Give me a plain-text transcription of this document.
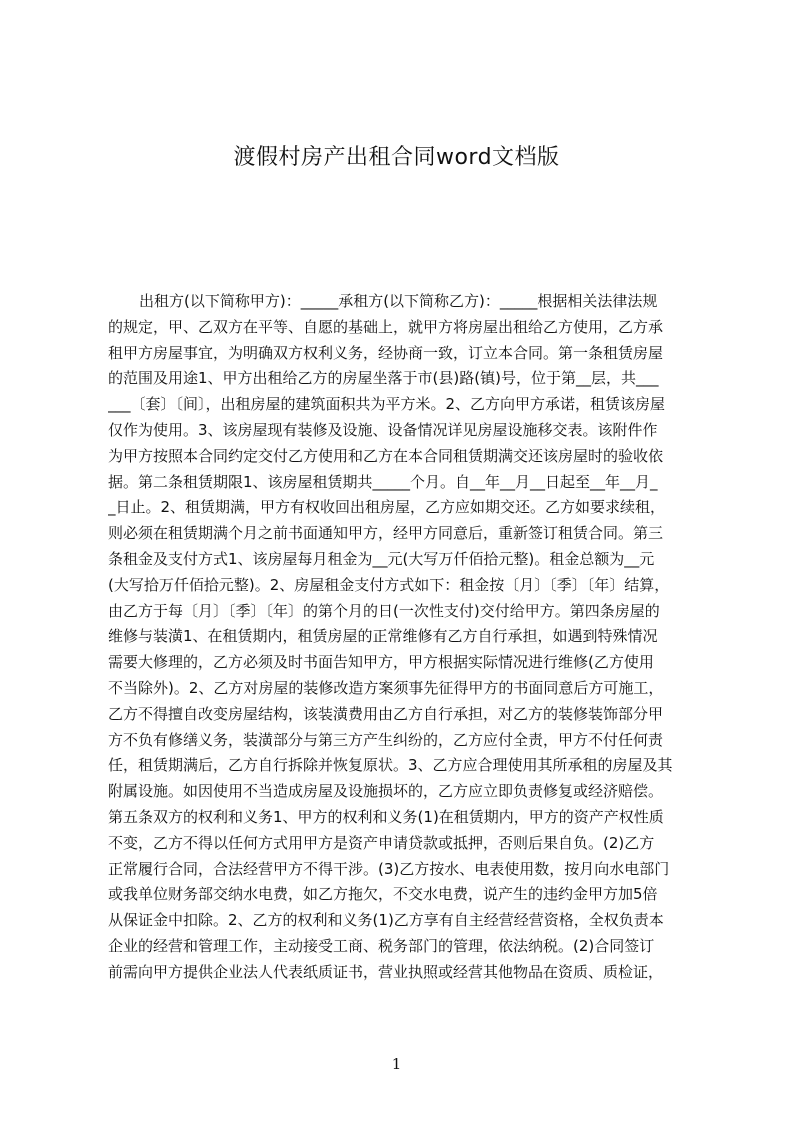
渡假村房产出租合同word文档版
出租方(以下简称甲方)：_____承租方(以下简称乙方)：_____根据相关法律法规
的规定，甲、乙双方在平等、自愿的基础上，就甲方将房屋出租给乙方使用，乙方承
租甲方房屋事宜，为明确双方权利义务，经协商一致，订立本合同。第一条租赁房屋
的范围及用途1、甲方出租给乙方的房屋坐落于市(县)路(镇)号，位于第__层，共___
___〔套〕〔间〕，出租房屋的建筑面积共为平方米。2、乙方向甲方承诺，租赁该房屋
仅作为使用。3、该房屋现有装修及设施、设备情况详见房屋设施移交表。该附件作
为甲方按照本合同约定交付乙方使用和乙方在本合同租赁期满交还该房屋时的验收依
据。第二条租赁期限1、该房屋租赁期共_____个月。自__年__月__日起至__年__月_
_日止。2、租赁期满，甲方有权收回出租房屋，乙方应如期交还。乙方如要求续租，
则必须在租赁期满个月之前书面通知甲方，经甲方同意后，重新签订租赁合同。第三
条租金及支付方式1、该房屋每月租金为__元(大写万仟佰拾元整)。租金总额为__元
(大写拾万仟佰拾元整)。2、房屋租金支付方式如下：租金按〔月〕〔季〕〔年〕结算，
由乙方于每〔月〕〔季〕〔年〕的第个月的日(一次性支付)交付给甲方。第四条房屋的
维修与装潢1、在租赁期内，租赁房屋的正常维修有乙方自行承担，如遇到特殊情况
需要大修理的，乙方必须及时书面告知甲方，甲方根据实际情况进行维修(乙方使用
不当除外)。2、乙方对房屋的装修改造方案须事先征得甲方的书面同意后方可施工，
乙方不得擅自改变房屋结构，该装潢费用由乙方自行承担，对乙方的装修装饰部分甲
方不负有修缮义务，装潢部分与第三方产生纠纷的，乙方应付全责，甲方不付任何责
任，租赁期满后，乙方自行拆除并恢复原状。3、乙方应合理使用其所承租的房屋及其
附属设施。如因使用不当造成房屋及设施损坏的，乙方应立即负责修复或经济赔偿。
第五条双方的权利和义务1、甲方的权利和义务(1)在租赁期内，甲方的资产产权性质
不变，乙方不得以任何方式用甲方是资产申请贷款或抵押，否则后果自负。(2)乙方
正常履行合同，合法经营甲方不得干涉。(3)乙方按水、电表使用数，按月向水电部门
或我单位财务部交纳水电费，如乙方拖欠，不交水电费，说产生的违约金甲方加5倍
从保证金中扣除。2、乙方的权利和义务(1)乙方享有自主经营经营资格，全权负责本
企业的经营和管理工作，主动接受工商、税务部门的管理，依法纳税。(2)合同签订
前需向甲方提供企业法人代表纸质证书，营业执照或经营其他物品在资质、质检证，
1
